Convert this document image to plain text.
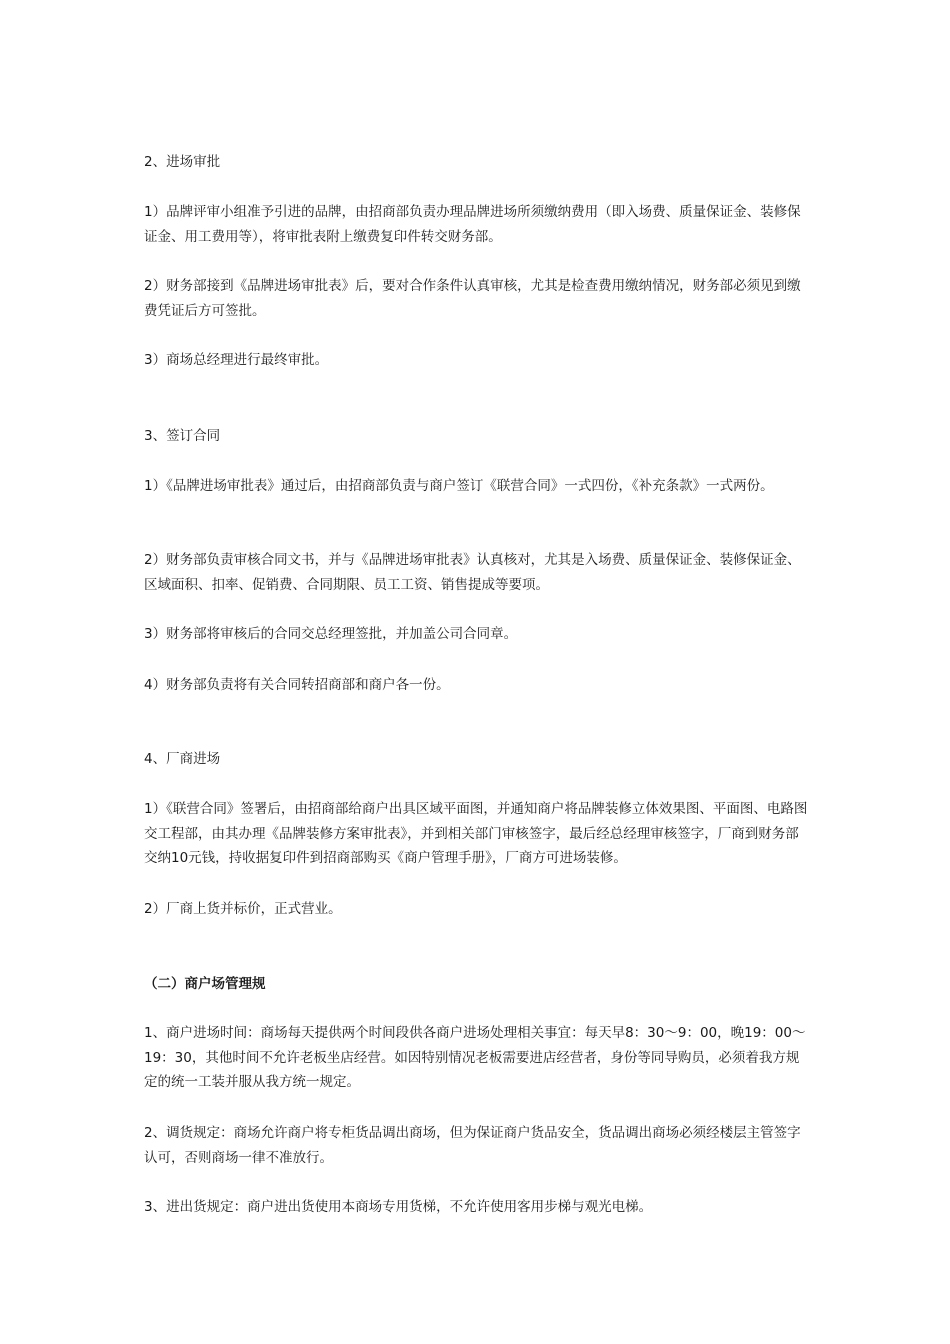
2、进场审批

1）品牌评审小组准予引进的品牌，由招商部负责办理品牌进场所须缴纳费用（即入场费、质量保证金、装修保证金、用工费用等），将审批表附上缴费复印件转交财务部。

2）财务部接到《品牌进场审批表》后，要对合作条件认真审核，尤其是检查费用缴纳情况，财务部必须见到缴费凭证后方可签批。

3）商场总经理进行最终审批。

3、签订合同

1）《品牌进场审批表》通过后，由招商部负责与商户签订《联营合同》一式四份，《补充条款》一式两份。

2）财务部负责审核合同文书，并与《品牌进场审批表》认真核对，尤其是入场费、质量保证金、装修保证金、区域面积、扣率、促销费、合同期限、员工工资、销售提成等要项。

3）财务部将审核后的合同交总经理签批，并加盖公司合同章。

4）财务部负责将有关合同转招商部和商户各一份。

4、厂商进场

1）《联营合同》签署后，由招商部给商户出具区域平面图，并通知商户将品牌装修立体效果图、平面图、电路图交工程部，由其办理《品牌装修方案审批表》，并到相关部门审核签字，最后经总经理审核签字，厂商到财务部交纳10元钱，持收据复印件到招商部购买《商户管理手册》，厂商方可进场装修。

2）厂商上货并标价，正式营业。

（二）商户场管理规

1、商户进场时间：商场每天提供两个时间段供各商户进场处理相关事宜：每天早8：30～9：00，晚19：00～19：30，其他时间不允许老板坐店经营。如因特别情况老板需要进店经营者，身份等同导购员，必须着我方规定的统一工装并服从我方统一规定。

2、调货规定：商场允许商户将专柜货品调出商场，但为保证商户货品安全，货品调出商场必须经楼层主管签字认可，否则商场一律不准放行。

3、进出货规定：商户进出货使用本商场专用货梯，不允许使用客用步梯与观光电梯。
